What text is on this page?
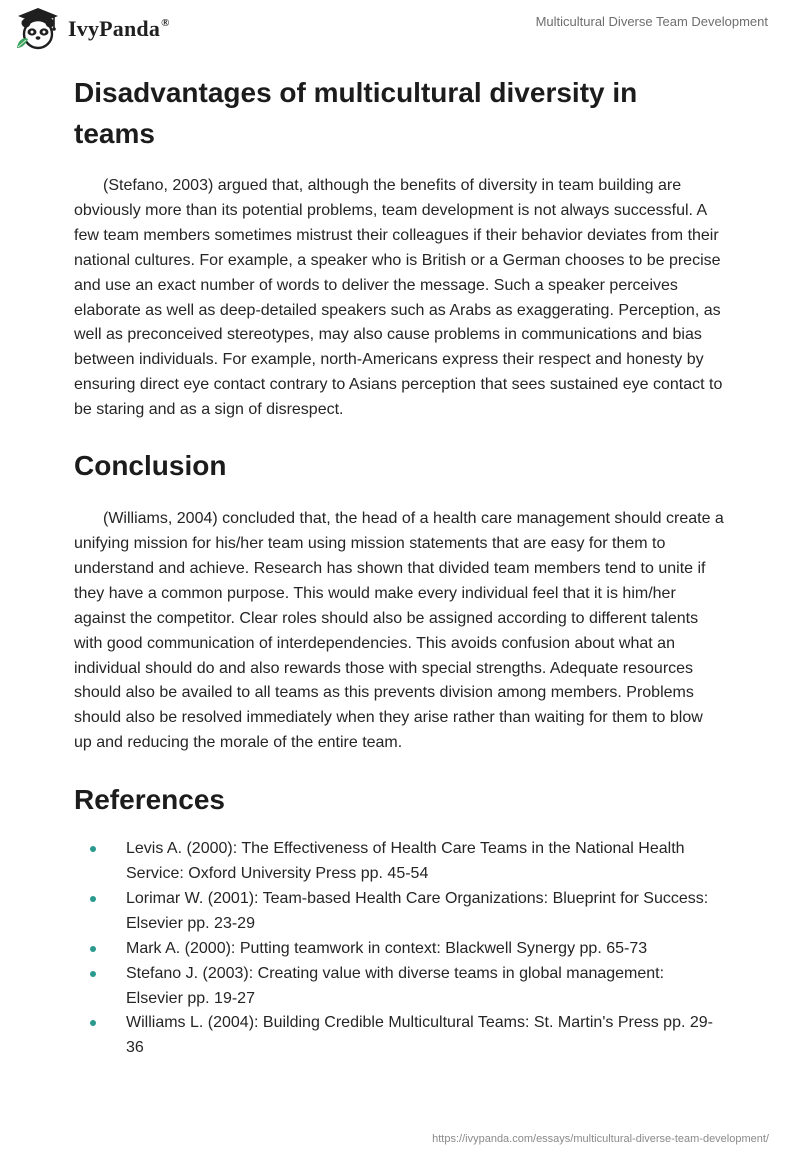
IvyPanda®	Multicultural Diverse Team Development
Disadvantages of multicultural diversity in teams

(Stefano, 2003) argued that, although the benefits of diversity in team building are obviously more than its potential problems, team development is not always successful. A few team members sometimes mistrust their colleagues if their behavior deviates from their national cultures. For example, a speaker who is British or a German chooses to be precise and use an exact number of words to deliver the message. Such a speaker perceives elaborate as well as deep-detailed speakers such as Arabs as exaggerating. Perception, as well as preconceived stereotypes, may also cause problems in communications and bias between individuals. For example, north-Americans express their respect and honesty by ensuring direct eye contact contrary to Asians perception that sees sustained eye contact to be staring and as a sign of disrespect.

Conclusion

(Williams, 2004) concluded that, the head of a health care management should create a unifying mission for his/her team using mission statements that are easy for them to understand and achieve. Research has shown that divided team members tend to unite if they have a common purpose. This would make every individual feel that it is him/her against the competitor. Clear roles should also be assigned according to different talents with good communication of interdependencies. This avoids confusion about what an individual should do and also rewards those with special strengths. Adequate resources should also be availed to all teams as this prevents division among members. Problems should also be resolved immediately when they arise rather than waiting for them to blow up and reducing the morale of the entire team.

References
Levis A. (2000): The Effectiveness of Health Care Teams in the National Health Service: Oxford University Press pp. 45-54
Lorimar W. (2001): Team-based Health Care Organizations: Blueprint for Success: Elsevier pp. 23-29
Mark A. (2000): Putting teamwork in context: Blackwell Synergy pp. 65-73
Stefano J. (2003): Creating value with diverse teams in global management: Elsevier pp. 19-27
Williams L. (2004): Building Credible Multicultural Teams: St. Martin's Press pp. 29-36
https://ivypanda.com/essays/multicultural-diverse-team-development/
